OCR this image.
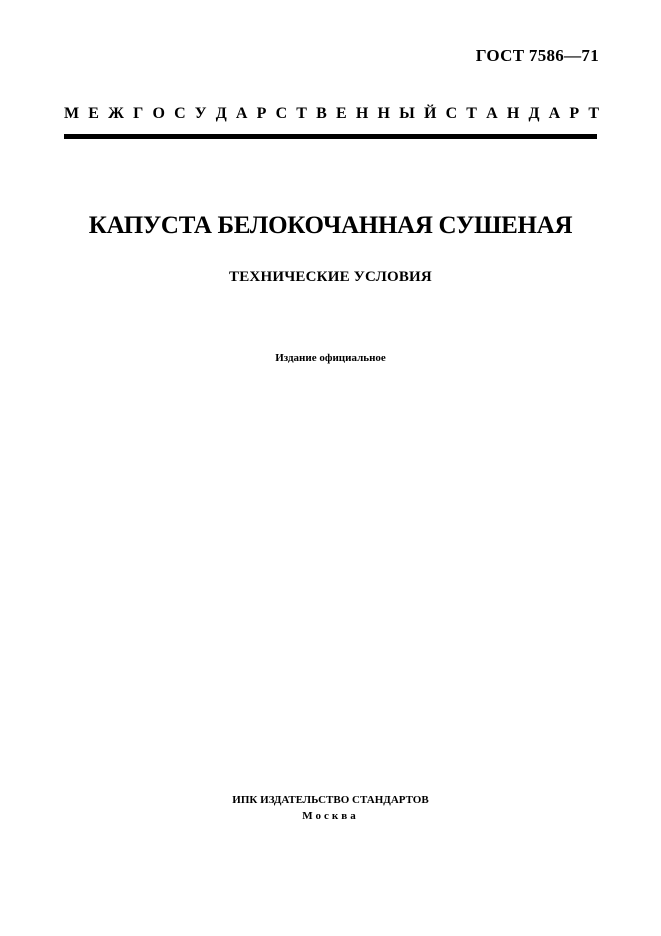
ГОСТ 7586—71
М Е Ж Г О С У Д А Р С Т В Е Н Н Ы Й С Т А Н Д А Р Т
КАПУСТА БЕЛОКОЧАННАЯ СУШЕНАЯ
ТЕХНИЧЕСКИЕ УСЛОВИЯ
Издание официальное
ИПК ИЗДАТЕЛЬСТВО СТАНДАРТОВ
Москва
